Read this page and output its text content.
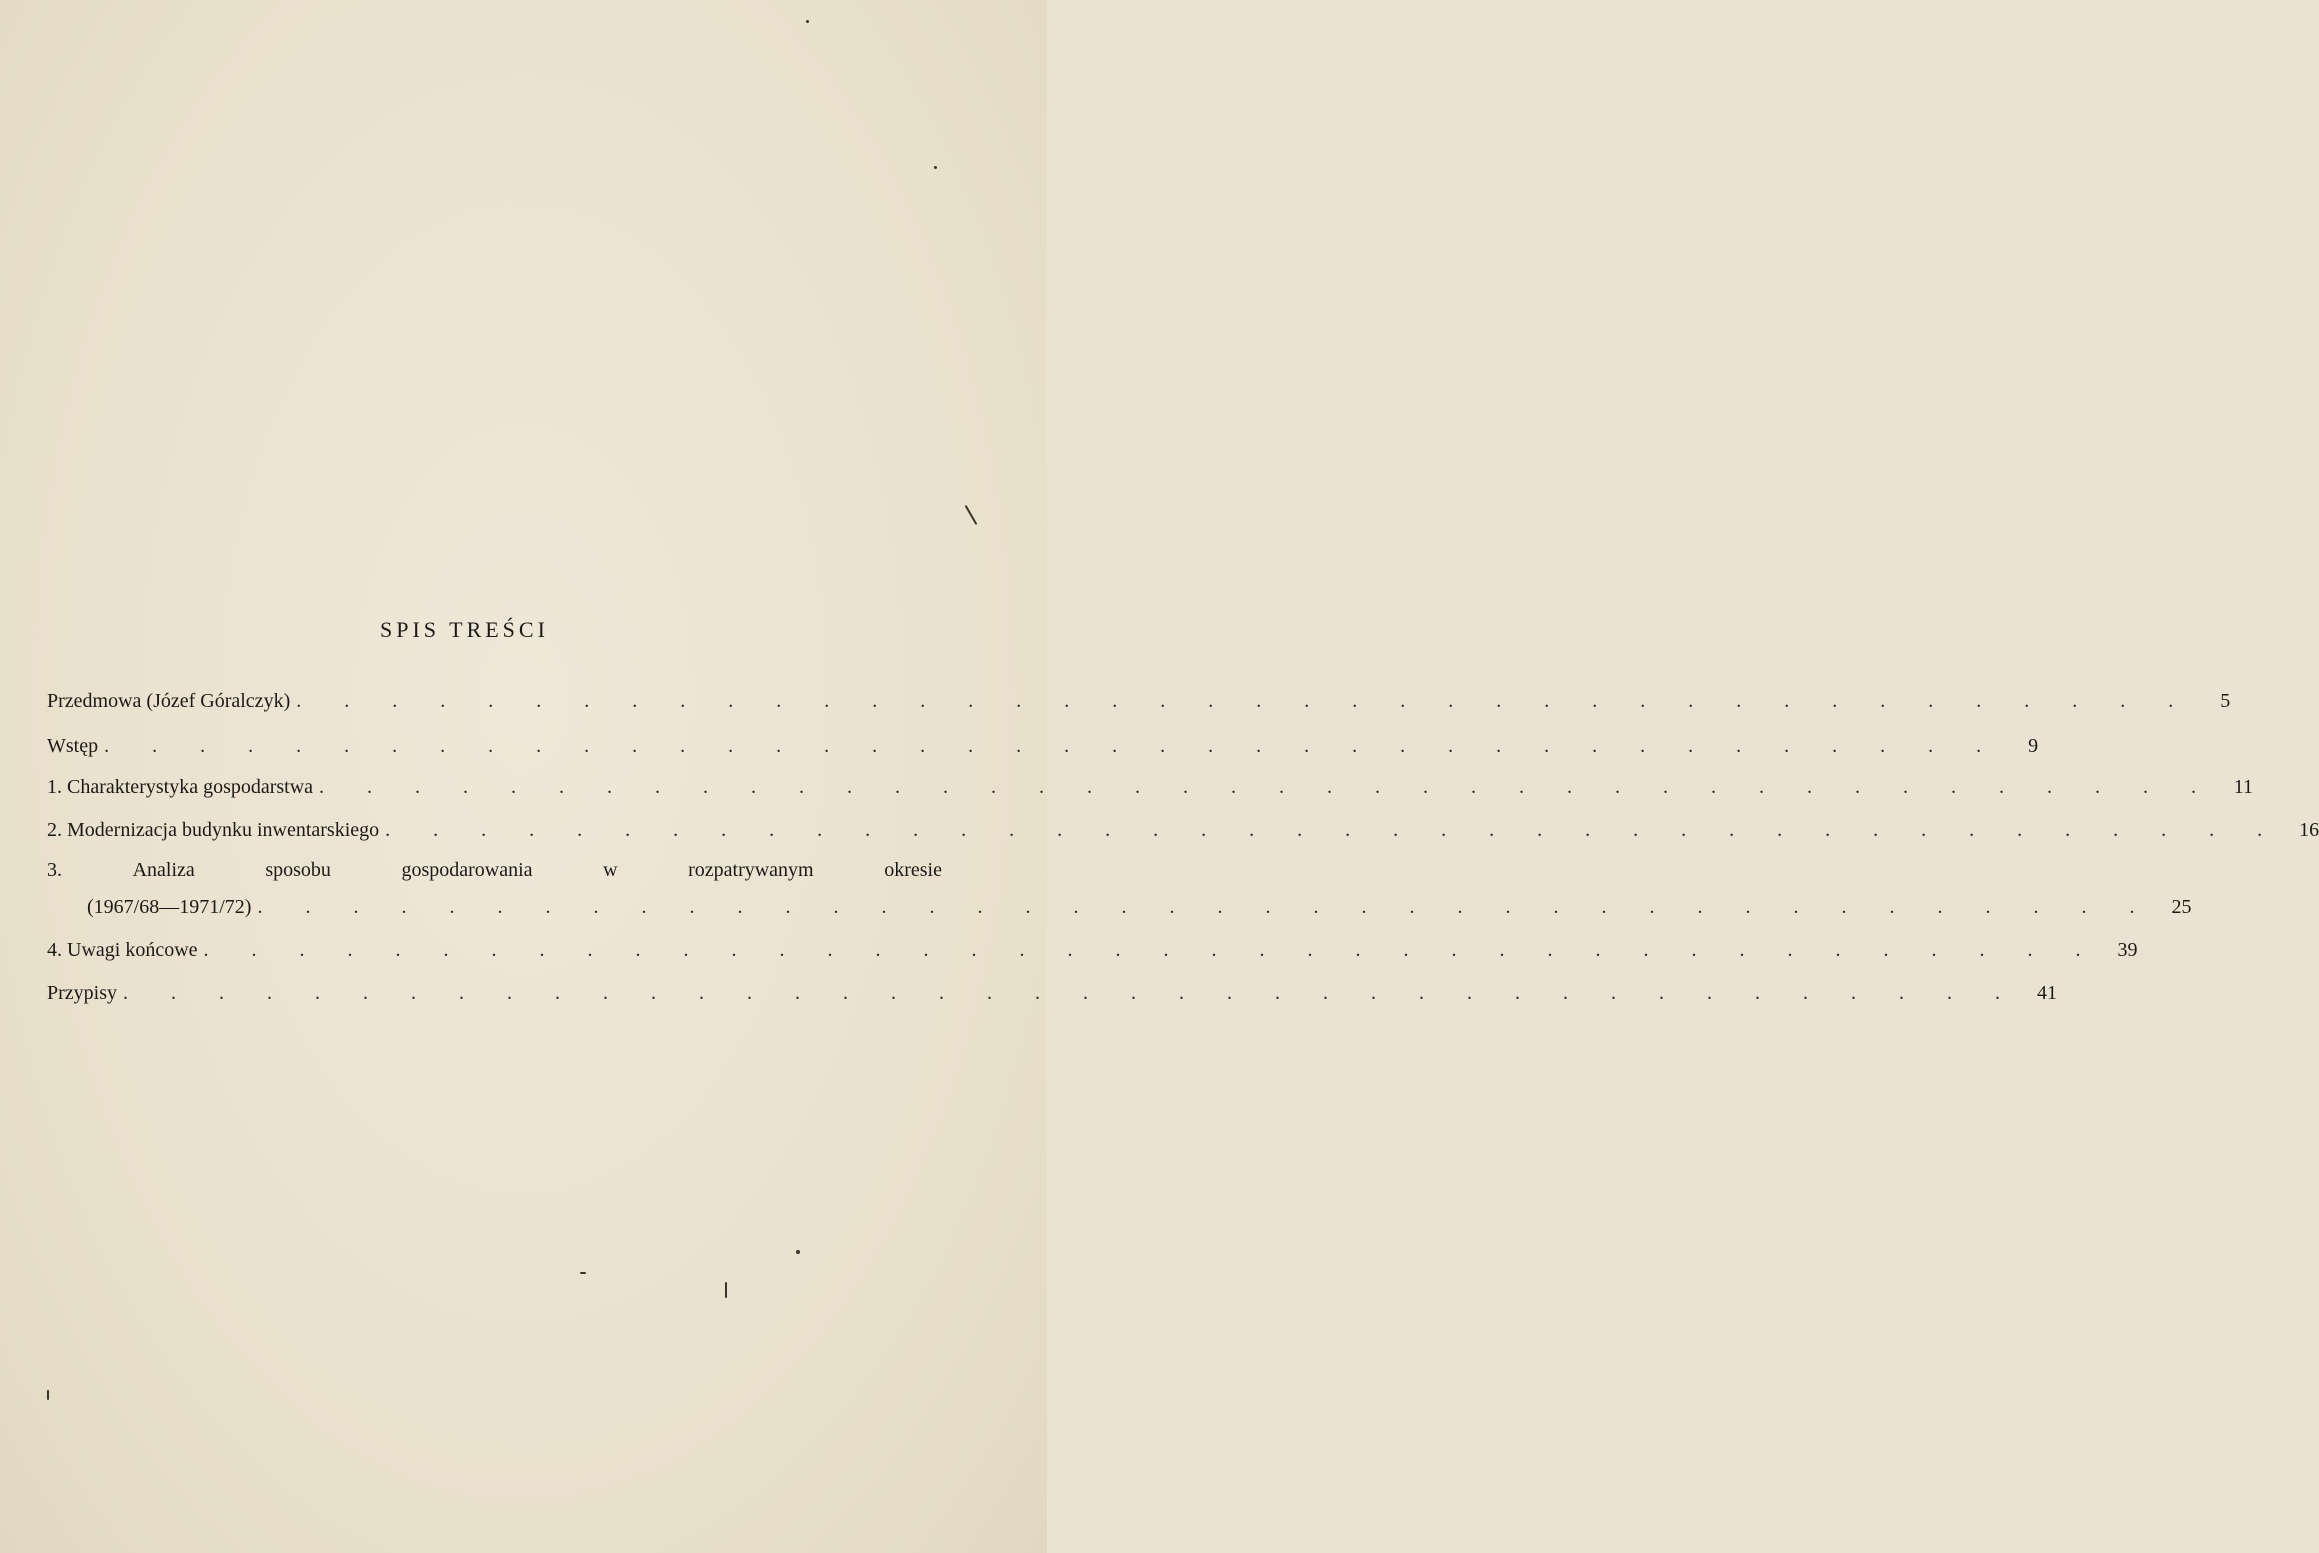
SPIS TREŚCI
Przedmowa (Józef Góralczyk) . . . . . . . . . . . . . . . . . . . . . . . . . . . . . . . . . . . . . . . .	5
Wstęp . . . . . . . . . . . . . . . . . . . . . . . . . . . . . . . . . . . . . . . .	9
1. Charakterystyka gospodarstwa . . . . . . . . . . . . . . . . . . . . . . . . . . . . . . . . . . . . . . . . 11
2. Modernizacja budynku inwentarskiego . . . . . . . . . . . . . . . . . . . . . . . . . . . . . . . . . . . . . . . . 16
3.	Analiza	sposobu	gospodarowania	w	rozpatrywanym	okresie
(1967/68—1971/72) . . . . . . . . . . . . . . . . . . . . . . . . . . . . . . . . . . . . . . . . 25
4. Uwagi końcowe . . . . . . . . . . . . . . . . . . . . . . . . . . . . . . . . . . . . . . . . 39
Przypisy . . . . . . . . . . . . . . . . . . . . . . . . . . . . . . . . . . . . . . . . 41
